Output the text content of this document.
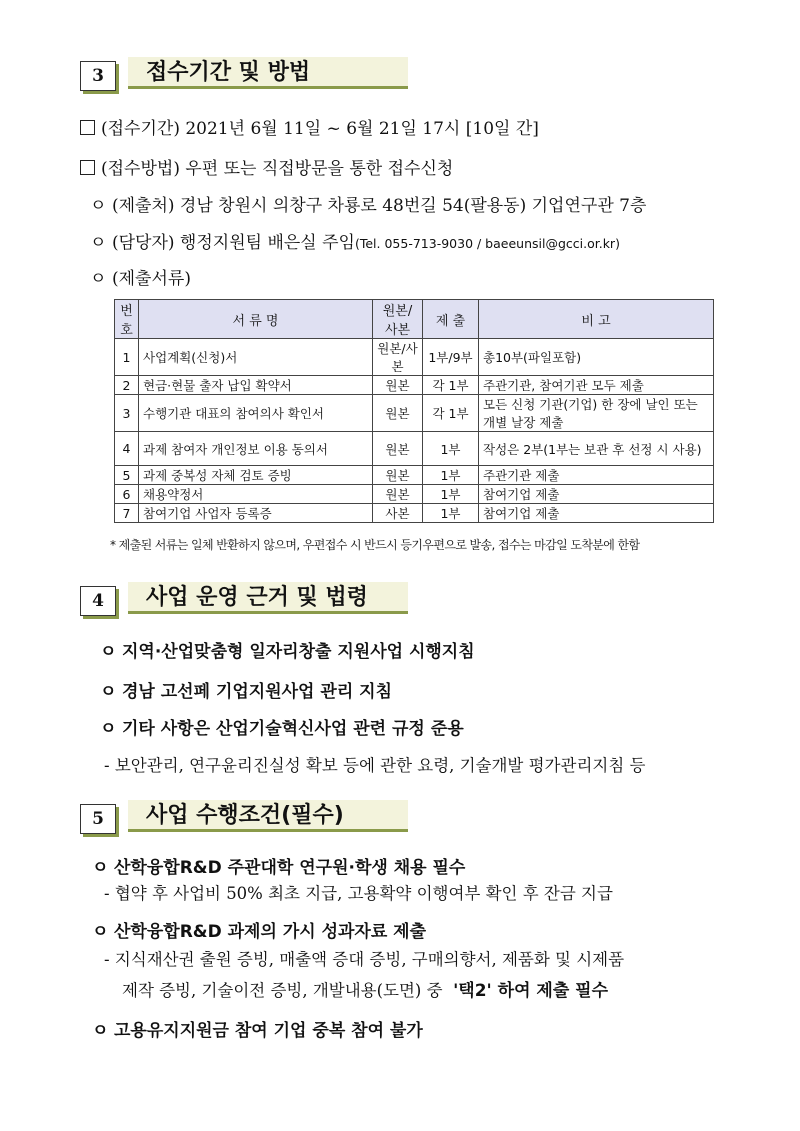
3	접수기간 및 방법
(접수기간) 2021년 6월 11일 ~ 6월 21일 17시 [10일 간]
(접수방법) 우편 또는 직접방문을 통한 접수신청
ㅇ (제출처) 경남 창원시 의창구 차룡로 48번길 54(팔용동) 기업연구관 7층
ㅇ (담당자) 행정지원팀 배은실 주임(Tel. 055-713-9030 / baeeunsil@gcci.or.kr)
ㅇ (제출서류)
번호	서 류 명	원본/사본	제 출	비 고
1	사업계획(신청)서	원본/사본	1부/9부	총10부(파일포함)
2	현금·현물 출자 납입 확약서	원본	각 1부	주관기관, 참여기관 모두 제출
3	수행기관 대표의 참여의사 확인서	원본	각 1부	모든 신청 기관(기업) 한 장에 날인 또는 개별 날장 제출
4	과제 참여자 개인정보 이용 동의서	원본	1부	작성은 2부(1부는 보관 후 선정 시 사용)
5	과제 중복성 자체 검토 증빙	원본	1부	주관기관 제출
6	채용약정서	원본	1부	참여기업 제출
7	참여기업 사업자 등록증	사본	1부	참여기업 제출
* 제출된 서류는 일체 반환하지 않으며, 우편접수 시 반드시 등기우편으로 발송, 접수는 마감일 도착분에 한함
4	사업 운영 근거 및 법령
ㅇ 지역·산업맞춤형 일자리창출 지원사업 시행지침
ㅇ 경남 고선페 기업지원사업 관리 지침
ㅇ 기타 사항은 산업기술혁신사업 관련 규정 준용
- 보안관리, 연구윤리진실성 확보 등에 관한 요령, 기술개발 평가관리지침 등
5	사업 수행조건(필수)
ㅇ 산학융합R&D 주관대학 연구원·학생 채용 필수
- 협약 후 사업비 50% 최초 지급, 고용확약 이행여부 확인 후 잔금 지급
ㅇ 산학융합R&D 과제의 가시 성과자료 제출
- 지식재산권 출원 증빙, 매출액 증대 증빙, 구매의향서, 제품화 및 시제품
제작 증빙, 기술이전 증빙, 개발내용(도면) 중 '택2' 하여 제출 필수
ㅇ 고용유지지원금 참여 기업 중복 참여 불가
